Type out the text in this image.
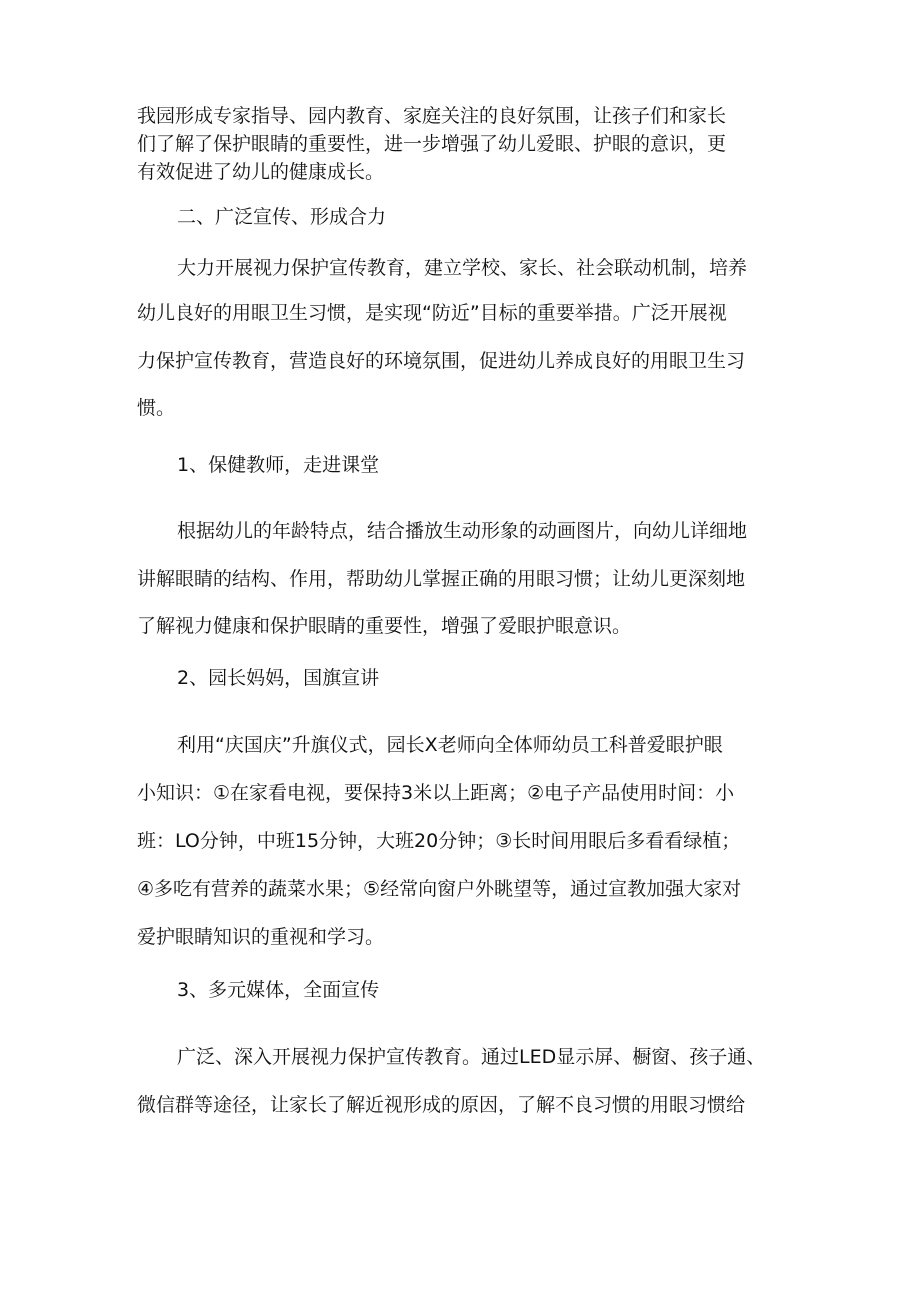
我园形成专家指导、园内教育、家庭关注的良好氛围，让孩子们和家长
们了解了保护眼睛的重要性，进一步增强了幼儿爱眼、护眼的意识，更
有效促进了幼儿的健康成长。
二、广泛宣传、形成合力
大力开展视力保护宣传教育，建立学校、家长、社会联动机制，培养
幼儿良好的用眼卫生习惯，是实现“防近”目标的重要举措。广泛开展视
力保护宣传教育，营造良好的环境氛围，促进幼儿养成良好的用眼卫生习
惯。
1、保健教师，走进课堂
根据幼儿的年龄特点，结合播放生动形象的动画图片，向幼儿详细地
讲解眼睛的结构、作用，帮助幼儿掌握正确的用眼习惯；让幼儿更深刻地
了解视力健康和保护眼睛的重要性，增强了爱眼护眼意识。
2、园长妈妈，国旗宣讲
利用“庆国庆”升旗仪式，园长X老师向全体师幼员工科普爱眼护眼
小知识：①在家看电视，要保持3米以上距离；②电子产品使用时间：小
班：LO分钟，中班15分钟，大班20分钟；③长时间用眼后多看看绿植；
④多吃有营养的蔬菜水果；⑤经常向窗户外眺望等，通过宣教加强大家对
爱护眼睛知识的重视和学习。
3、多元媒体，全面宣传
广泛、深入开展视力保护宣传教育。通过LED显示屏、橱窗、孩子通、
微信群等途径，让家长了解近视形成的原因，了解不良习惯的用眼习惯给
